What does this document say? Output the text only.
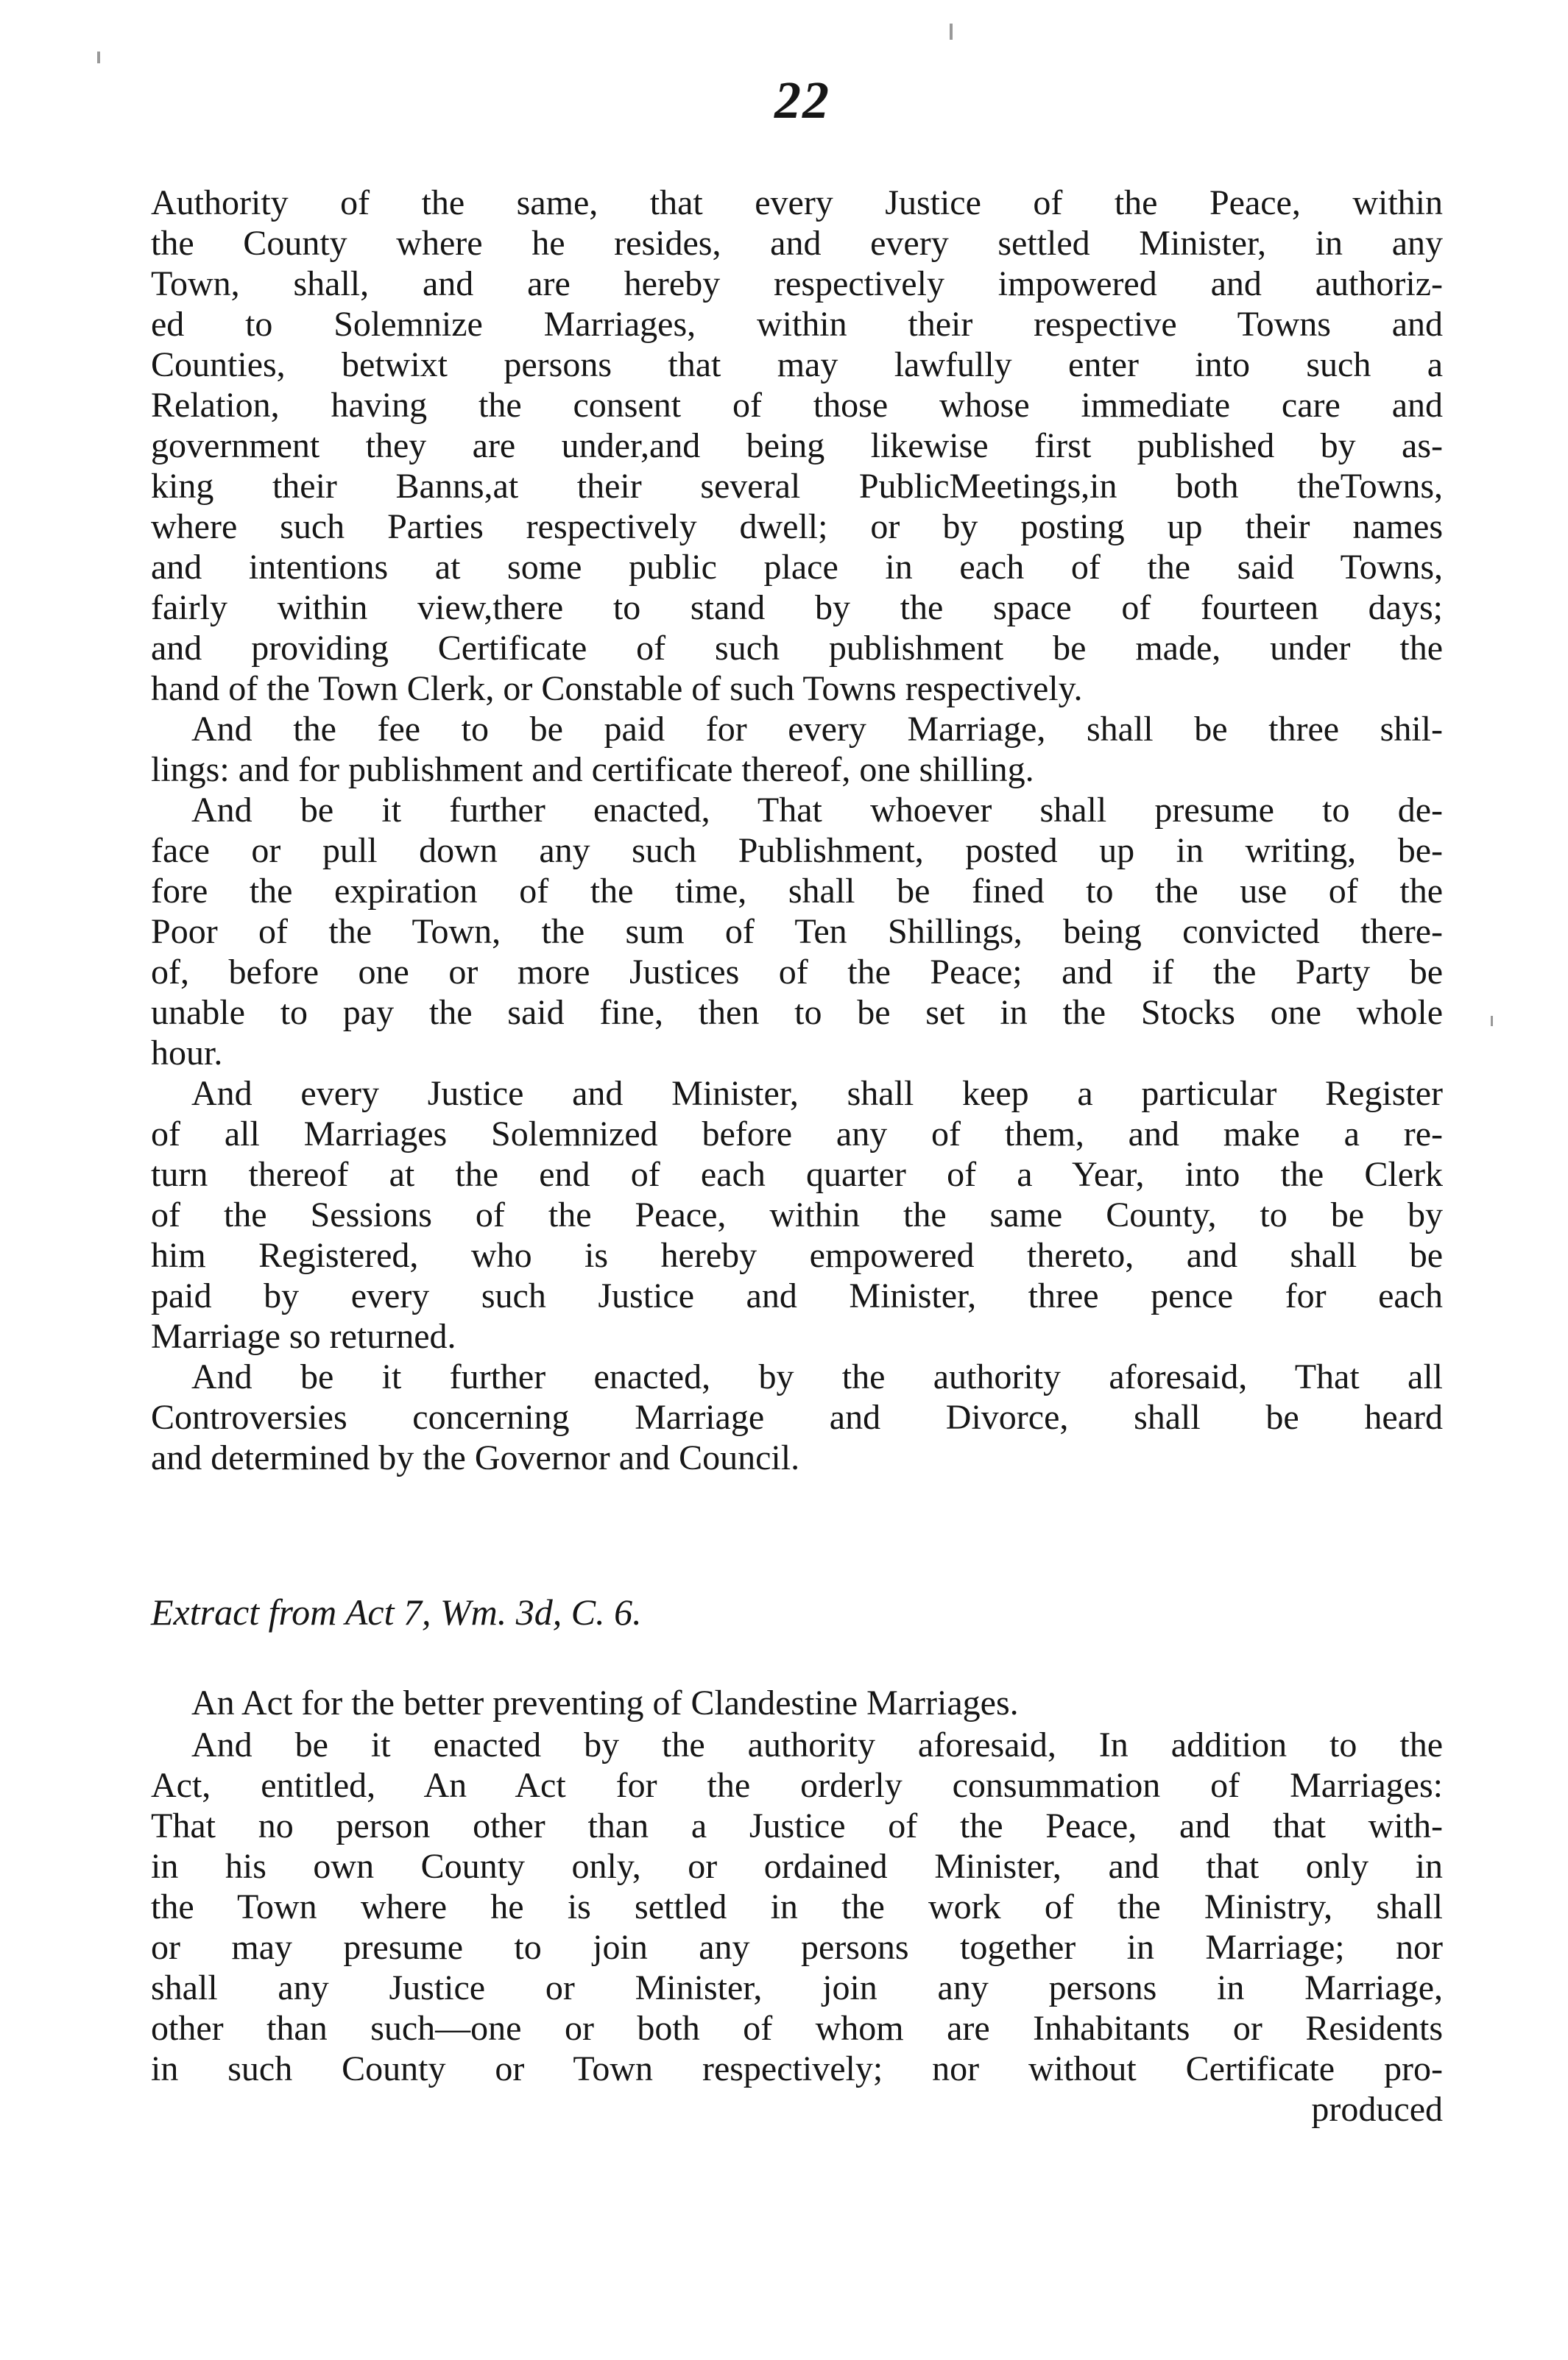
22
Authority of the same, that every Justice of the Peace, within
the County where he resides, and every settled Minister, in any
Town, shall, and are hereby respectively impowered and authoriz-
ed to Solemnize Marriages, within their respective Towns and
Counties, betwixt persons that may lawfully enter into such a
Relation, having the consent of those whose immediate care and
government they are under,and being likewise first published by as-
king their Banns,at their several PublicMeetings,in both theTowns,
where such Parties respectively dwell; or by posting up their names
and intentions at some public place in each of the said Towns,
fairly within view,there to stand by the space of fourteen days;
and providing Certificate of such publishment be made, under the
hand of the Town Clerk, or Constable of such Towns respectively.
And the fee to be paid for every Marriage, shall be three shil-
lings: and for publishment and certificate thereof, one shilling.
And be it further enacted, That whoever shall presume to de-
face or pull down any such Publishment, posted up in writing, be-
fore the expiration of the time, shall be fined to the use of the
Poor of the Town, the sum of Ten Shillings, being convicted there-
of, before one or more Justices of the Peace; and if the Party be
unable to pay the said fine, then to be set in the Stocks one whole
hour.
And every Justice and Minister, shall keep a particular Register
of all Marriages Solemnized before any of them, and make a re-
turn thereof at the end of each quarter of a Year, into the Clerk
of the Sessions of the Peace, within the same County, to be by
him Registered, who is hereby empowered thereto, and shall be
paid by every such Justice and Minister, three pence for each
Marriage so returned.
And be it further enacted, by the authority aforesaid, That all
Controversies concerning Marriage and Divorce, shall be heard
and determined by the Governor and Council.
Extract from Act 7, Wm. 3d, C. 6.
An Act for the better preventing of Clandestine Marriages.
And be it enacted by the authority aforesaid, In addition to the
Act, entitled, An Act for the orderly consummation of Marriages:
That no person other than a Justice of the Peace, and that with-
in his own County only, or ordained Minister, and that only in
the Town where he is settled in the work of the Ministry, shall
or may presume to join any persons together in Marriage; nor
shall any Justice or Minister, join any persons in Marriage,
other than such—one or both of whom are Inhabitants or Residents
in such County or Town respectively; nor without Certificate pro-
produced
